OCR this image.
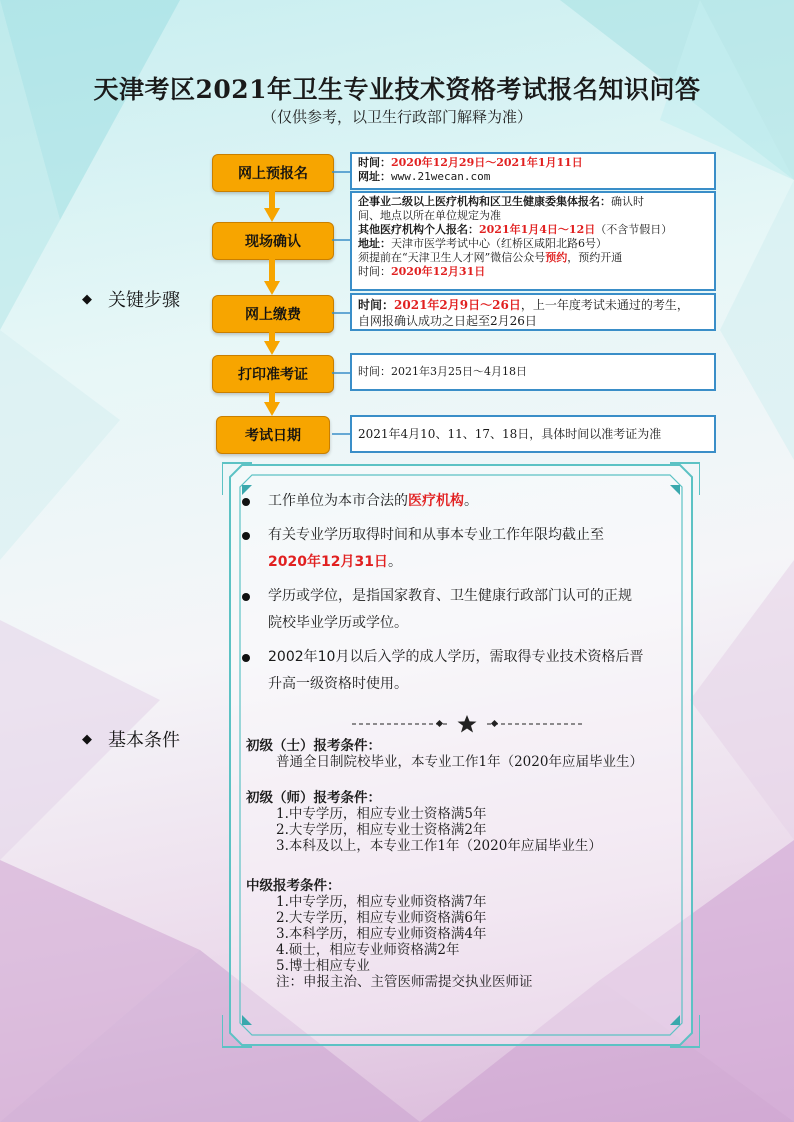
天津考区2021年卫生专业技术资格考试报名知识问答
（仅供参考，以卫生行政部门解释为准）
◆ 关键步骤
网上预报名
现场确认
网上缴费
打印准考证
考试日期
时间：2020年12月29日～2021年1月11日
网址：www.21wecan.com
企事业二级以上医疗机构和区卫生健康委集体报名：确认时
间、地点以所在单位规定为准
其他医疗机构个人报名：2021年1月4日～12日（不含节假日）
地址：天津市医学考试中心（红桥区咸阳北路6号）
须提前在“天津卫生人才网”微信公众号预约，预约开通
时间：2020年12月31日
时间：2021年2月9日～26日，上一年度考试未通过的考生，
自网报确认成功之日起至2月26日
时间：2021年3月25日～4月18日
2021年4月10、11、17、18日，具体时间以准考证为准
◆ 基本条件
工作单位为本市合法的医疗机构。
有关专业学历取得时间和从事本专业工作年限均截止至
2020年12月31日。
学历或学位，是指国家教育、卫生健康行政部门认可的正规
院校毕业学历或学位。
2002年10月以后入学的成人学历，需取得专业技术资格后晋
升高一级资格时使用。
初级（士）报考条件：
普通全日制院校毕业，本专业工作1年（2020年应届毕业生）
初级（师）报考条件：
1.中专学历，相应专业士资格满5年
2.大专学历，相应专业士资格满2年
3.本科及以上，本专业工作1年（2020年应届毕业生）
中级报考条件：
1.中专学历，相应专业师资格满7年
2.大专学历，相应专业师资格满6年
3.本科学历，相应专业师资格满4年
4.硕士，相应专业师资格满2年
5.博士相应专业
注：申报主治、主管医师需提交执业医师证
